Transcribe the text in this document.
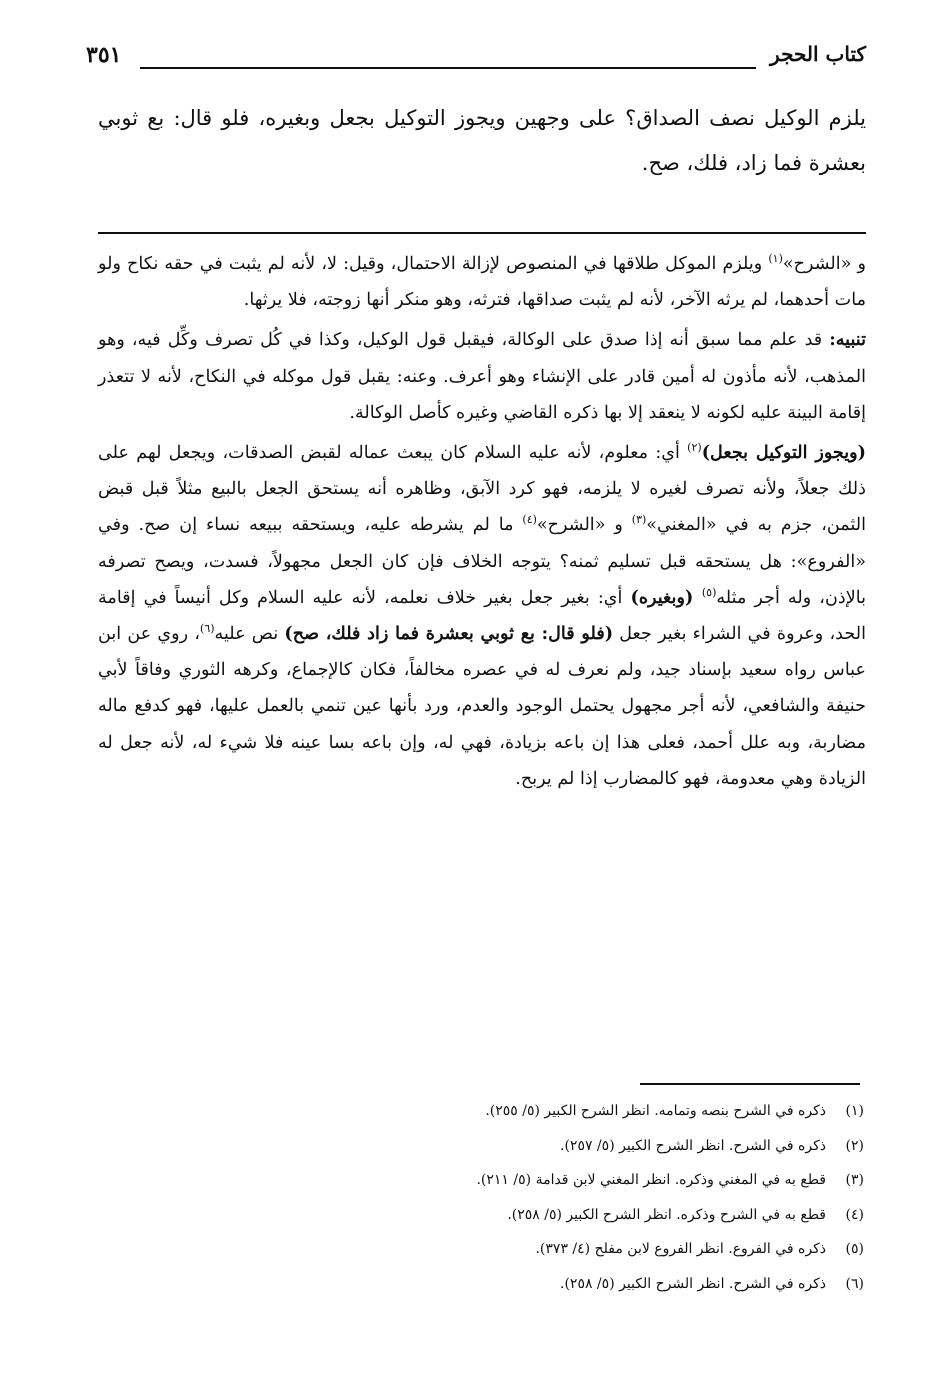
كتاب الحجر
٣٥١
يلزم الوكيل نصف الصداق؟ على وجهين ويجوز التوكيل بجعل وبغيره، فلو قال: بع ثوبي بعشرة فما زاد، فلك، صح.

و «الشرح»$^{(١)}$ ويلزم الموكل طلاقها في المنصوص لإزالة الاحتمال، وقيل: لا، لأنه لم يثبت في حقه نكاح ولو مات أحدهما، لم يرثه الآخر، لأنه لم يثبت صداقها، فترثه، وهو منكر أنها زوجته، فلا يرثها.

تنبيه: قد علم مما سبق أنه إذا صدق على الوكالة، فيقبل قول الوكيل، وكذا في كُل تصرف وكِّل فيه، وهو المذهب، لأنه مأذون له أمين قادر على الإنشاء وهو أعرف. وعنه: يقبل قول موكله في النكاح، لأنه لا تتعذر إقامة البينة عليه لكونه لا ينعقد إلا بها ذكره القاضي وغيره كأصل الوكالة.

(ويجوز التوكيل بجعل)$^{(٢)}$ أي: معلوم، لأنه عليه السلام كان يبعث عماله لقبض الصدقات، ويجعل لهم على ذلك جعلاً، ولأنه تصرف لغيره لا يلزمه، فهو كرد الآبق، وظاهره أنه يستحق الجعل بالبيع مثلاً قبل قبض الثمن، جزم به في «المغني»$^{(٣)}$ و «الشرح»$^{(٤)}$ ما لم يشرطه عليه، ويستحقه ببيعه نساء إن صح. وفي «الفروع»: هل يستحقه قبل تسليم ثمنه؟ يتوجه الخلاف فإن كان الجعل مجهولاً، فسدت، ويصح تصرفه بالإذن، وله أجر مثله$^{(٥)}$ (وبغيره) أي: بغير جعل بغير خلاف نعلمه، لأنه عليه السلام وكل أنيساً في إقامة الحد، وعروة في الشراء بغير جعل (فلو قال: بع ثوبي بعشرة فما زاد فلك، صح) نص عليه$^{(٦)}$، روي عن ابن عباس رواه سعيد بإسناد جيد، ولم نعرف له في عصره مخالفاً، فكان كالإجماع، وكرهه الثوري وفاقاً لأبي حنيفة والشافعي، لأنه أجر مجهول يحتمل الوجود والعدم، ورد بأنها عين تنمي بالعمل عليها، فهو كدفع ماله مضاربة، وبه علل أحمد، فعلى هذا إن باعه بزيادة، فهي له، وإن باعه بسا عينه فلا شيء له، لأنه جعل له الزيادة وهي معدومة، فهو كالمضارب إذا لم يربح.

(١)ذكره في الشرح بنصه وتمامه. انظر الشرح الكبير (٥/ ٢٥٥).
(٢)ذكره في الشرح. انظر الشرح الكبير (٥/ ٢٥٧).
(٣)قطع به في المغني وذكره. انظر المغني لابن قدامة (٥/ ٢١١).
(٤)قطع به في الشرح وذكره. انظر الشرح الكبير (٥/ ٢٥٨).
(٥)ذكره في الفروع. انظر الفروع لابن مفلح (٤/ ٣٧٣).
(٦)ذكره في الشرح. انظر الشرح الكبير (٥/ ٢٥٨).
